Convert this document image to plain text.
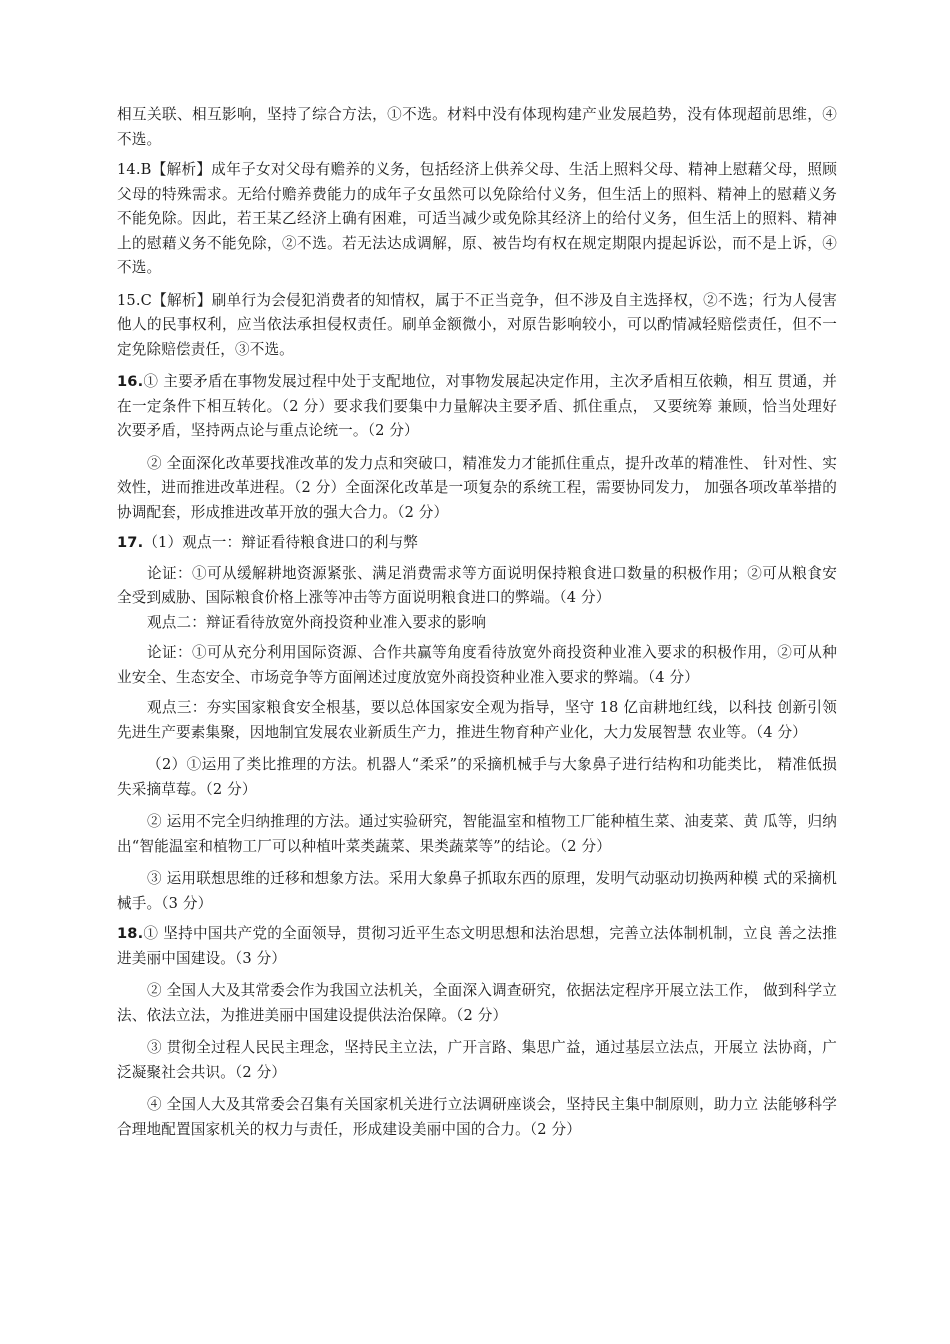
相互关联、相互影响，坚持了综合方法，①不选。材料中没有体现构建产业发展趋势，没有体现超前思维，④不选。

14.B【解析】成年子女对父母有赡养的义务，包括经济上供养父母、生活上照料父母、精神上慰藉父母，照顾父母的特殊需求。无给付赡养费能力的成年子女虽然可以免除给付义务，但生活上的照料、精神上的慰藉义务不能免除。因此，若王某乙经济上确有困难，可适当减少或免除其经济上的给付义务，但生活上的照料、精神上的慰藉义务不能免除，②不选。若无法达成调解，原、被告均有权在规定期限内提起诉讼，而不是上诉，④不选。

15.C【解析】刷单行为会侵犯消费者的知情权，属于不正当竞争，但不涉及自主选择权，②不选；行为人侵害他人的民事权利，应当依法承担侵权责任。刷单金额微小，对原告影响较小，可以酌情减轻赔偿责任，但不一定免除赔偿责任，③不选。

16.① 主要矛盾在事物发展过程中处于支配地位，对事物发展起决定作用，主次矛盾相互依赖，相互 贯通，并在一定条件下相互转化。（2 分）要求我们要集中力量解决主要矛盾、抓住重点， 又要统筹 兼顾，恰当处理好次要矛盾，坚持两点论与重点论统一。（2 分）

② 全面深化改革要找准改革的发力点和突破口，精准发力才能抓住重点，提升改革的精准性、 针对性、实效性，进而推进改革进程。（2 分）全面深化改革是一项复杂的系统工程，需要协同发力， 加强各项改革举措的协调配套，形成推进改革开放的强大合力。（2 分）

17.（1）观点一：辩证看待粮食进口的利与弊

论证：①可从缓解耕地资源紧张、满足消费需求等方面说明保持粮食进口数量的积极作用；②可从粮食安全受到威胁、国际粮食价格上涨等冲击等方面说明粮食进口的弊端。（4 分）

观点二：辩证看待放宽外商投资种业准入要求的影响

论证：①可从充分利用国际资源、合作共赢等角度看待放宽外商投资种业准入要求的积极作用，②可从种业安全、生态安全、市场竞争等方面阐述过度放宽外商投资种业准入要求的弊端。（4 分）

观点三：夯实国家粮食安全根基，要以总体国家安全观为指导，坚守 18 亿亩耕地红线，以科技 创新引领先进生产要素集聚，因地制宜发展农业新质生产力，推进生物育种产业化，大力发展智慧 农业等。（4 分）

（2）①运用了类比推理的方法。机器人“柔采”的采摘机械手与大象鼻子进行结构和功能类比， 精准低损失采摘草莓。（2 分）

② 运用不完全归纳推理的方法。通过实验研究，智能温室和植物工厂能种植生菜、油麦菜、黄 瓜等，归纳出“智能温室和植物工厂可以种植叶菜类蔬菜、果类蔬菜等”的结论。（2 分）

③ 运用联想思维的迁移和想象方法。采用大象鼻子抓取东西的原理，发明气动驱动切换两种模 式的采摘机械手。（3 分）

18.① 坚持中国共产党的全面领导，贯彻习近平生态文明思想和法治思想，完善立法体制机制，立良 善之法推进美丽中国建设。（3 分）

② 全国人大及其常委会作为我国立法机关，全面深入调查研究，依据法定程序开展立法工作， 做到科学立法、依法立法，为推进美丽中国建设提供法治保障。（2 分）

③ 贯彻全过程人民民主理念，坚持民主立法，广开言路、集思广益，通过基层立法点，开展立 法协商，广泛凝聚社会共识。（2 分）

④ 全国人大及其常委会召集有关国家机关进行立法调研座谈会，坚持民主集中制原则，助力立 法能够科学合理地配置国家机关的权力与责任，形成建设美丽中国的合力。（2 分）
